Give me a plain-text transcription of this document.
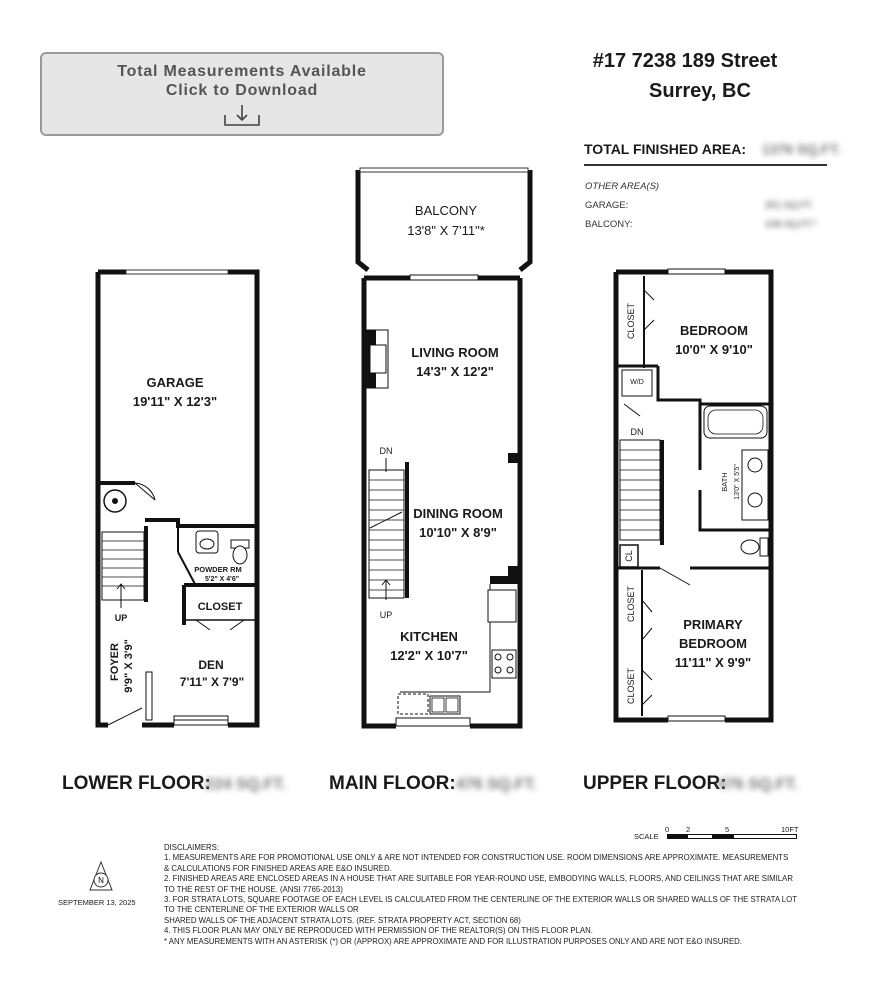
Total Measurements Available
Click to Download
#17 7238 189 Street
Surrey, BC
TOTAL FINISHED AREA: 1376 SQ.FT.
OTHER AREA(S)
GARAGE:	251 SQ.FT.
BALCONY:	108 SQ.FT.*
GARAGE
19'11" X 12'3"
POWDER RM
5'2" X 4'6"
CLOSET
DEN
7'11" X 7'9"
UP
FOYER 9'9" X 3'9"
BALCONY
13'8" X 7'11"*
LIVING ROOM
14'3" X 12'2"
DINING ROOM
10'10" X 8'9"
KITCHEN
12'2" X 10'7"
DN
UP
CLOSET	BEDROOM
10'0" X 9'10"
W/D
DN
BATH 13'0" X 5'5"
CL
CLOSET
CLOSET
PRIMARY
BEDROOM
11'11" X 9'9"
LOWER FLOOR:
224 SQ.FT. MAIN FLOOR: 476 SQ.FT. UPPER FLOOR:
476 SQ.FT.
SCALE
0 2	5	10FT
N
SEPTEMBER 13, 2025

DISCLAIMERS:

1. MEASUREMENTS ARE FOR PROMOTIONAL USE ONLY & ARE NOT INTENDED FOR CONSTRUCTION USE. ROOM DIMENSIONS ARE APPROXIMATE. MEASUREMENTS

& CALCULATIONS FOR FINISHED AREAS ARE E&O INSURED.

2. FINISHED AREAS ARE ENCLOSED AREAS IN A HOUSE THAT ARE SUITABLE FOR YEAR-ROUND USE, EMBODYING WALLS, FLOORS, AND CEILINGS THAT ARE SIMILAR

TO THE REST OF THE HOUSE. (ANSI 7765-2013)

3. FOR STRATA LOTS, SQUARE FOOTAGE OF EACH LEVEL IS CALCULATED FROM THE CENTERLINE OF THE EXTERIOR WALLS OR SHARED WALLS OF THE STRATA LOT

TO THE CENTERLINE OF THE EXTERIOR WALLS OR

SHARED WALLS OF THE ADJACENT STRATA LOTS. (REF. STRATA PROPERTY ACT, SECTION 68)

4. THIS FLOOR PLAN MAY ONLY BE REPRODUCED WITH PERMISSION OF THE REALTOR(S) ON THIS FLOOR PLAN.

* ANY MEASUREMENTS WITH AN ASTERISK (*) OR (APPROX) ARE APPROXIMATE AND FOR ILLUSTRATION PURPOSES ONLY AND ARE NOT E&O INSURED.
